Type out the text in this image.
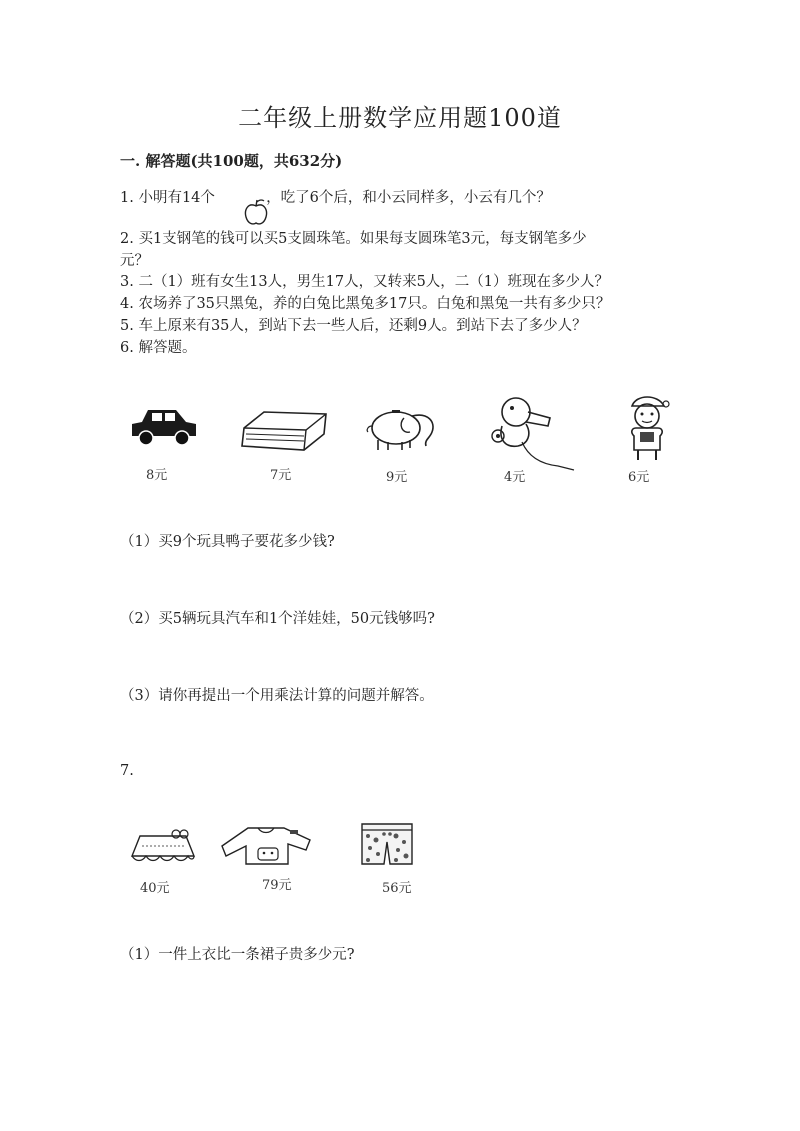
二年级上册数学应用题100道
一. 解答题(共100题，共632分)
1. 小明有14个	，吃了6个后，和小云同样多，小云有几个？
2. 买1支钢笔的钱可以买5支圆珠笔。如果每支圆珠笔3元，每支钢笔多少
元？
3. 二（1）班有女生13人，男生17人，又转来5人，二（1）班现在多少人？
4. 农场养了35只黑兔，养的白兔比黑兔多17只。白兔和黑兔一共有多少只？
5. 车上原来有35人，到站下去一些人后，还剩9人。到站下去了多少人？
6. 解答题。
8元	7元	9元	4元	6元
（1）买9个玩具鸭子要花多少钱?
（2）买5辆玩具汽车和1个洋娃娃，50元钱够吗?
（3）请你再提出一个用乘法计算的问题并解答。
7.
40元	79元	56元
（1）一件上衣比一条裙子贵多少元?
